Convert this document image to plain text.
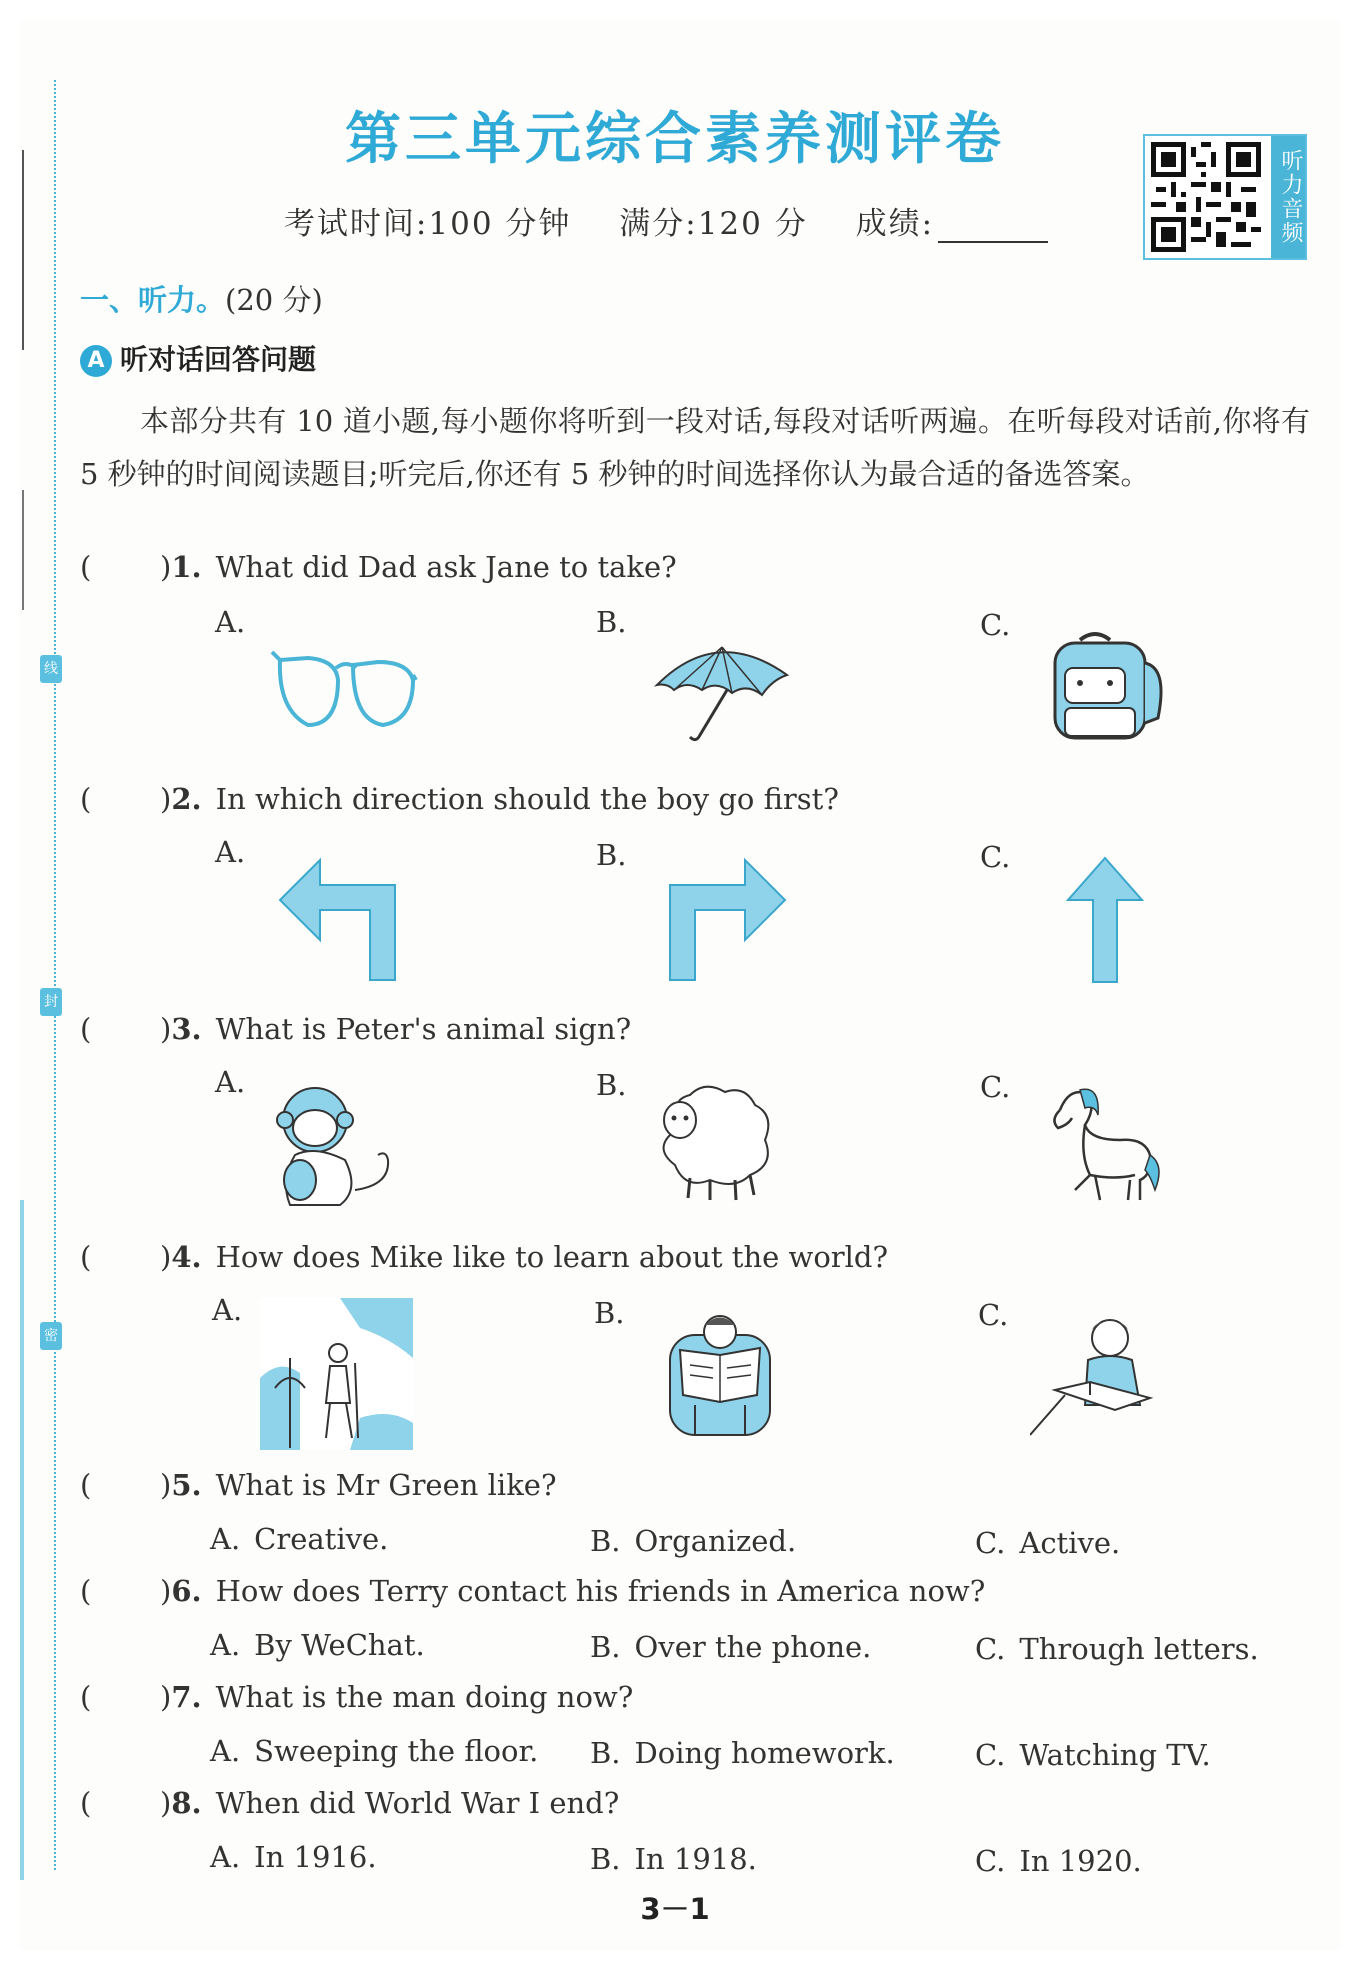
线
封
密
第三单元综合素养测评卷
考试时间:100 分钟 满分:120 分 成绩:	听力音频
一、听力。(20 分)
A 听对话回答问题
本部分共有 10 道小题,每小题你将听到一段对话,每段对话听两遍。在听每段对话前,你将有 5 秒钟的时间阅读题目;听完后,你还有 5 秒钟的时间选择你认为最合适的备选答案。
( )1. What did Dad ask Jane to take?
A.	B.	C.
( )2. In which direction should the boy go first?
A.	B.	C.
( )3. What is Peter's animal sign?
A.	B.	C.
( )4. How does Mike like to learn about the world?
A.	B.	C.
( )5. What is Mr Green like?
A. Creative.	B. Organized.	C. Active.
( )6. How does Terry contact his friends in America now?
A. By WeChat.	B. Over the phone.	C. Through letters.
( )7. What is the man doing now?
A. Sweeping the floor. B. Doing homework.	C. Watching TV.
( )8. When did World War Ⅰ end?
A. In 1916.	B. In 1918.	C. In 1920.
3－1
